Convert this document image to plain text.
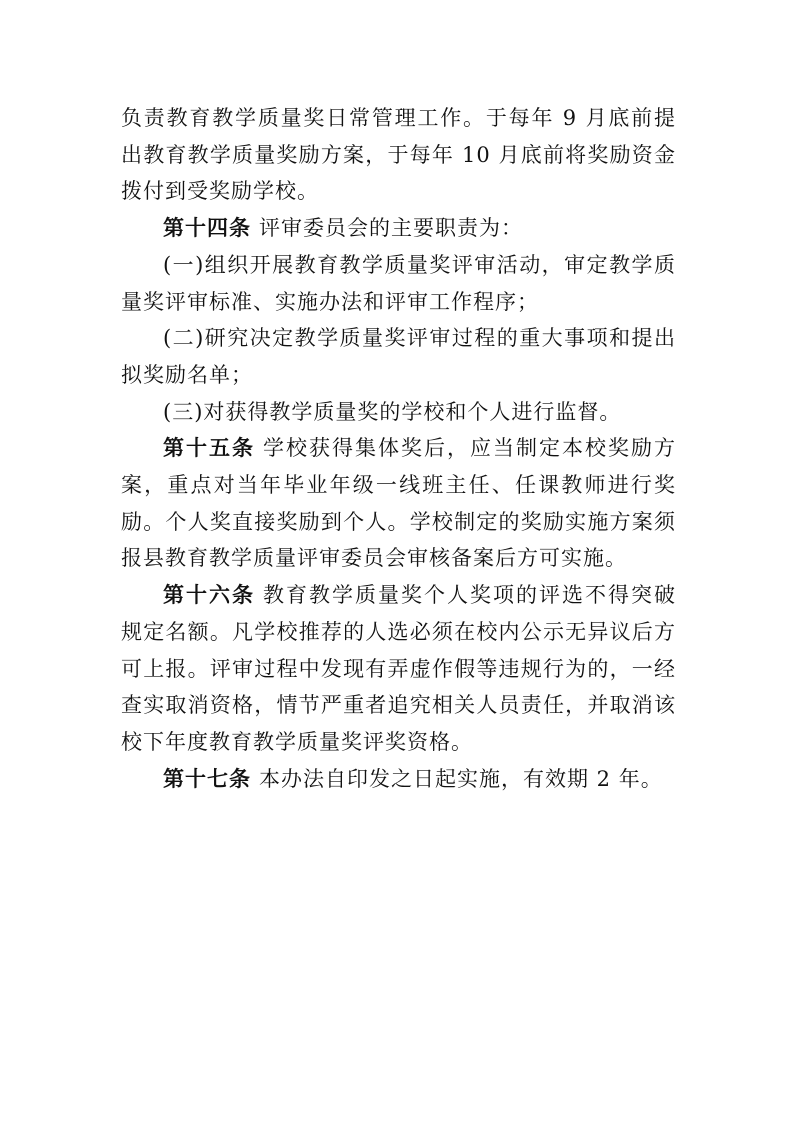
负责教育教学质量奖日常管理工作。于每年 9 月底前提出教育教学质量奖励方案，于每年 10 月底前将奖励资金拨付到受奖励学校。

第十四条 评审委员会的主要职责为：

(一)组织开展教育教学质量奖评审活动，审定教学质量奖评审标准、实施办法和评审工作程序；

(二)研究决定教学质量奖评审过程的重大事项和提出拟奖励名单；

(三)对获得教学质量奖的学校和个人进行监督。

第十五条 学校获得集体奖后，应当制定本校奖励方案，重点对当年毕业年级一线班主任、任课教师进行奖励。个人奖直接奖励到个人。学校制定的奖励实施方案须报县教育教学质量评审委员会审核备案后方可实施。

第十六条 教育教学质量奖个人奖项的评选不得突破规定名额。凡学校推荐的人选必须在校内公示无异议后方可上报。评审过程中发现有弄虚作假等违规行为的，一经查实取消资格，情节严重者追究相关人员责任，并取消该校下年度教育教学质量奖评奖资格。

第十七条 本办法自印发之日起实施，有效期 2 年。
